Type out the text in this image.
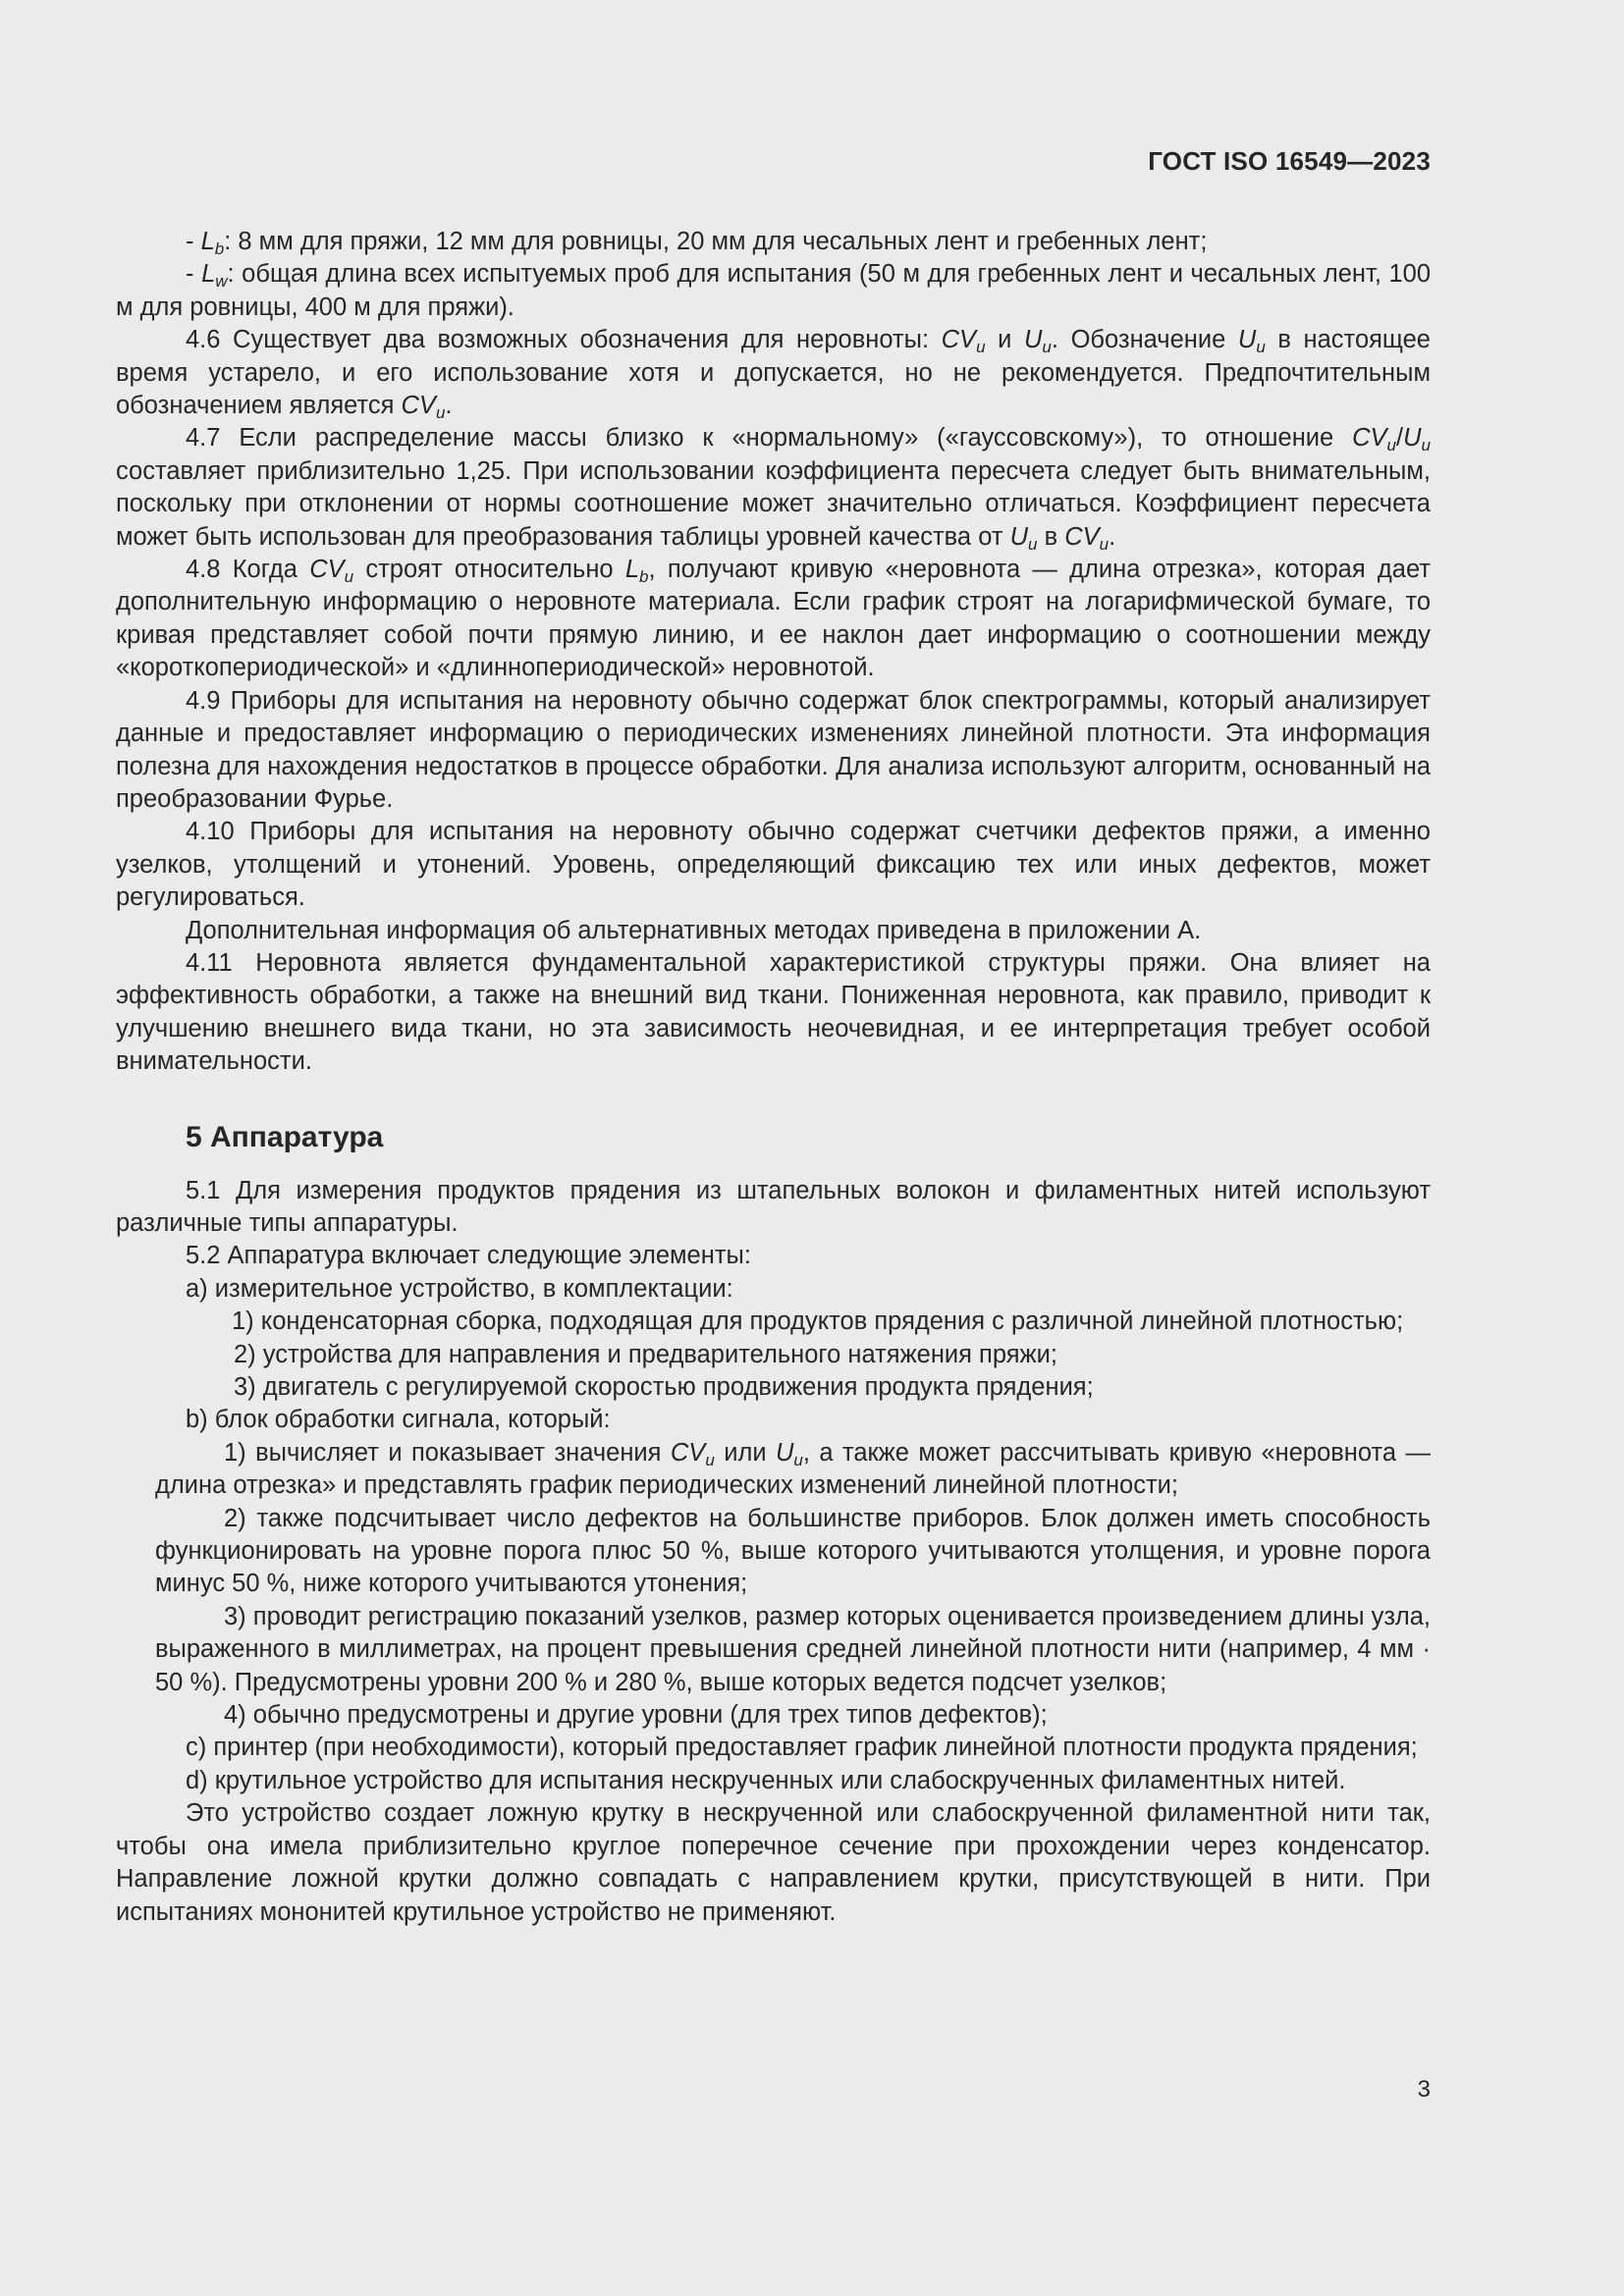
ГОСТ ISO 16549—2023

- $L_b$: 8 мм для пряжи, 12 мм для ровницы, 20 мм для чесальных лент и гребенных лент;

- $L_w$: общая длина всех испытуемых проб для испытания (50 м для гребенных лент и чесальных лент, 100 м для ровницы, 400 м для пряжи).

4.6 Существует два возможных обозначения для неровноты: $CV_u$ и $U_u$. Обозначение $U_u$ в настоящее время устарело, и его использование хотя и допускается, но не рекомендуется. Предпочтительным обозначением является $CV_u$.

4.7 Если распределение массы близко к «нормальному» («гауссовскому»), то отношение $CV_u/U_u$ составляет приблизительно 1,25. При использовании коэффициента пересчета следует быть внимательным, поскольку при отклонении от нормы соотношение может значительно отличаться. Коэффициент пересчета может быть использован для преобразования таблицы уровней качества от $U_u$ в $CV_u$.

4.8 Когда $CV_u$ строят относительно $L_b$, получают кривую «неровнота — длина отрезка», которая дает дополнительную информацию о неровноте материала. Если график строят на логарифмической бумаге, то кривая представляет собой почти прямую линию, и ее наклон дает информацию о соотношении между «короткопериодической» и «длиннопериодической» неровнотой.

4.9 Приборы для испытания на неровноту обычно содержат блок спектрограммы, который анализирует данные и предоставляет информацию о периодических изменениях линейной плотности. Эта информация полезна для нахождения недостатков в процессе обработки. Для анализа используют алгоритм, основанный на преобразовании Фурье.

4.10 Приборы для испытания на неровноту обычно содержат счетчики дефектов пряжи, а именно узелков, утолщений и утонений. Уровень, определяющий фиксацию тех или иных дефектов, может регулироваться.

Дополнительная информация об альтернативных методах приведена в приложении А.

4.11 Неровнота является фундаментальной характеристикой структуры пряжи. Она влияет на эффективность обработки, а также на внешний вид ткани. Пониженная неровнота, как правило, приводит к улучшению внешнего вида ткани, но эта зависимость неочевидная, и ее интерпретация требует особой внимательности.

5 Аппаратура

5.1 Для измерения продуктов прядения из штапельных волокон и филаментных нитей используют различные типы аппаратуры.

5.2 Аппаратура включает следующие элементы:

a) измерительное устройство, в комплектации:

1) конденсаторная сборка, подходящая для продуктов прядения с различной линейной плотностью;

2) устройства для направления и предварительного натяжения пряжи;

3) двигатель с регулируемой скоростью продвижения продукта прядения;

b) блок обработки сигнала, который:

1) вычисляет и показывает значения $CV_u$ или $U_u$, а также может рассчитывать кривую «неровнота — длина отрезка» и представлять график периодических изменений линейной плотности;

2) также подсчитывает число дефектов на большинстве приборов. Блок должен иметь способность функционировать на уровне порога плюс 50 %, выше которого учитываются утолщения, и уровне порога минус 50 %, ниже которого учитываются утонения;

3) проводит регистрацию показаний узелков, размер которых оценивается произведением длины узла, выраженного в миллиметрах, на процент превышения средней линейной плотности нити (например, 4 мм · 50 %). Предусмотрены уровни 200 % и 280 %, выше которых ведется подсчет узелков;

4) обычно предусмотрены и другие уровни (для трех типов дефектов);

c) принтер (при необходимости), который предоставляет график линейной плотности продукта прядения;

d) крутильное устройство для испытания нескрученных или слабоскрученных филаментных нитей.

Это устройство создает ложную крутку в нескрученной или слабоскрученной филаментной нити так, чтобы она имела приблизительно круглое поперечное сечение при прохождении через конденсатор. Направление ложной крутки должно совпадать с направлением крутки, присутствующей в нити. При испытаниях мононитей крутильное устройство не применяют.

3
